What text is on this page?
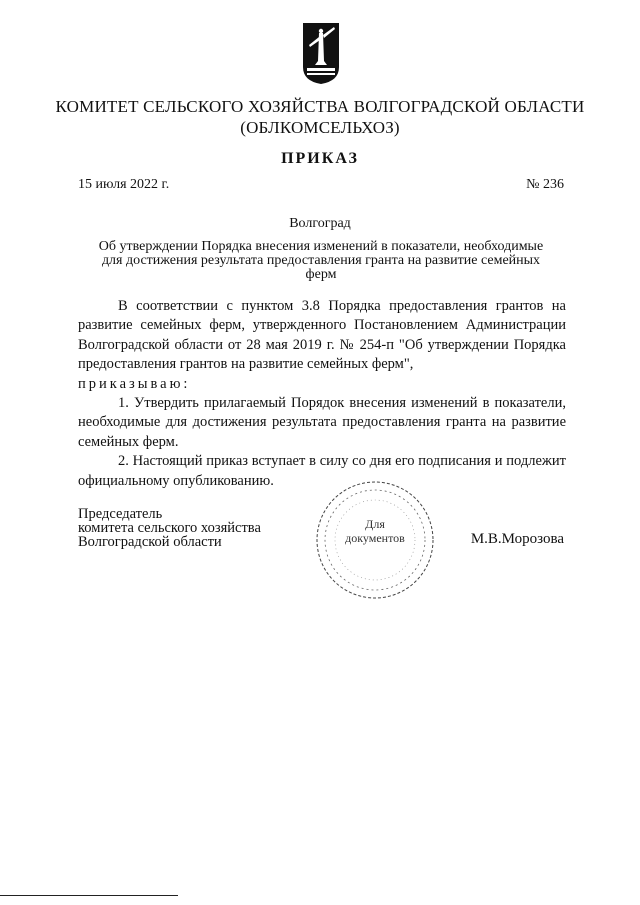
КОМИТЕТ СЕЛЬСКОГО ХОЗЯЙСТВА ВОЛГОГРАДСКОЙ ОБЛАСТИ
(ОБЛКОМСЕЛЬХОЗ)
ПРИКАЗ
15 июля 2022 г.	№ 236
Волгоград
Об утверждении Порядка внесения изменений в показатели, необходимые
для достижения результата предоставления гранта на развитие семейных
ферм

В соответствии с пунктом 3.8 Порядка предоставления грантов на развитие семейных ферм, утвержденного Постановлением Администрации Волгоградской области от 28 мая 2019 г. № 254-п "Об утверждении Порядка предоставления грантов на развитие семейных ферм",

приказываю:

1. Утвердить прилагаемый Порядок внесения изменений в показатели, необходимые для достижения результата предоставления гранта на развитие семейных ферм.

2. Настоящий приказ вступает в силу со дня его подписания и подлежит официальному опубликованию.

Председатель
комитета сельского хозяйства
Волгоградской области
Для
документов	М.В.Морозова
